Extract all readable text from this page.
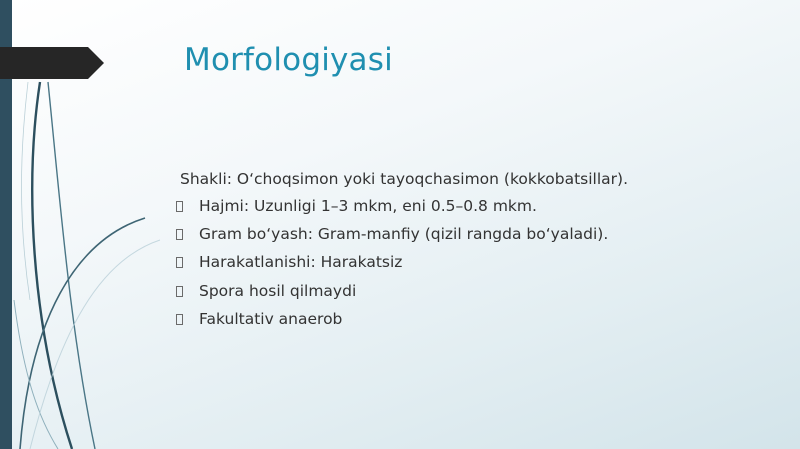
Morfologiyasi
Shakli: O‘choqsimon yoki tayoqchasimon (kokkobatsillar).
Hajmi: Uzunligi 1–3 mkm, eni 0.5–0.8 mkm.
Gram bo‘yash: Gram-manfiy (qizil rangda bo‘yaladi).
Harakatlanishi: Harakatsiz
Spora hosil qilmaydi
Fakultativ anaerob
